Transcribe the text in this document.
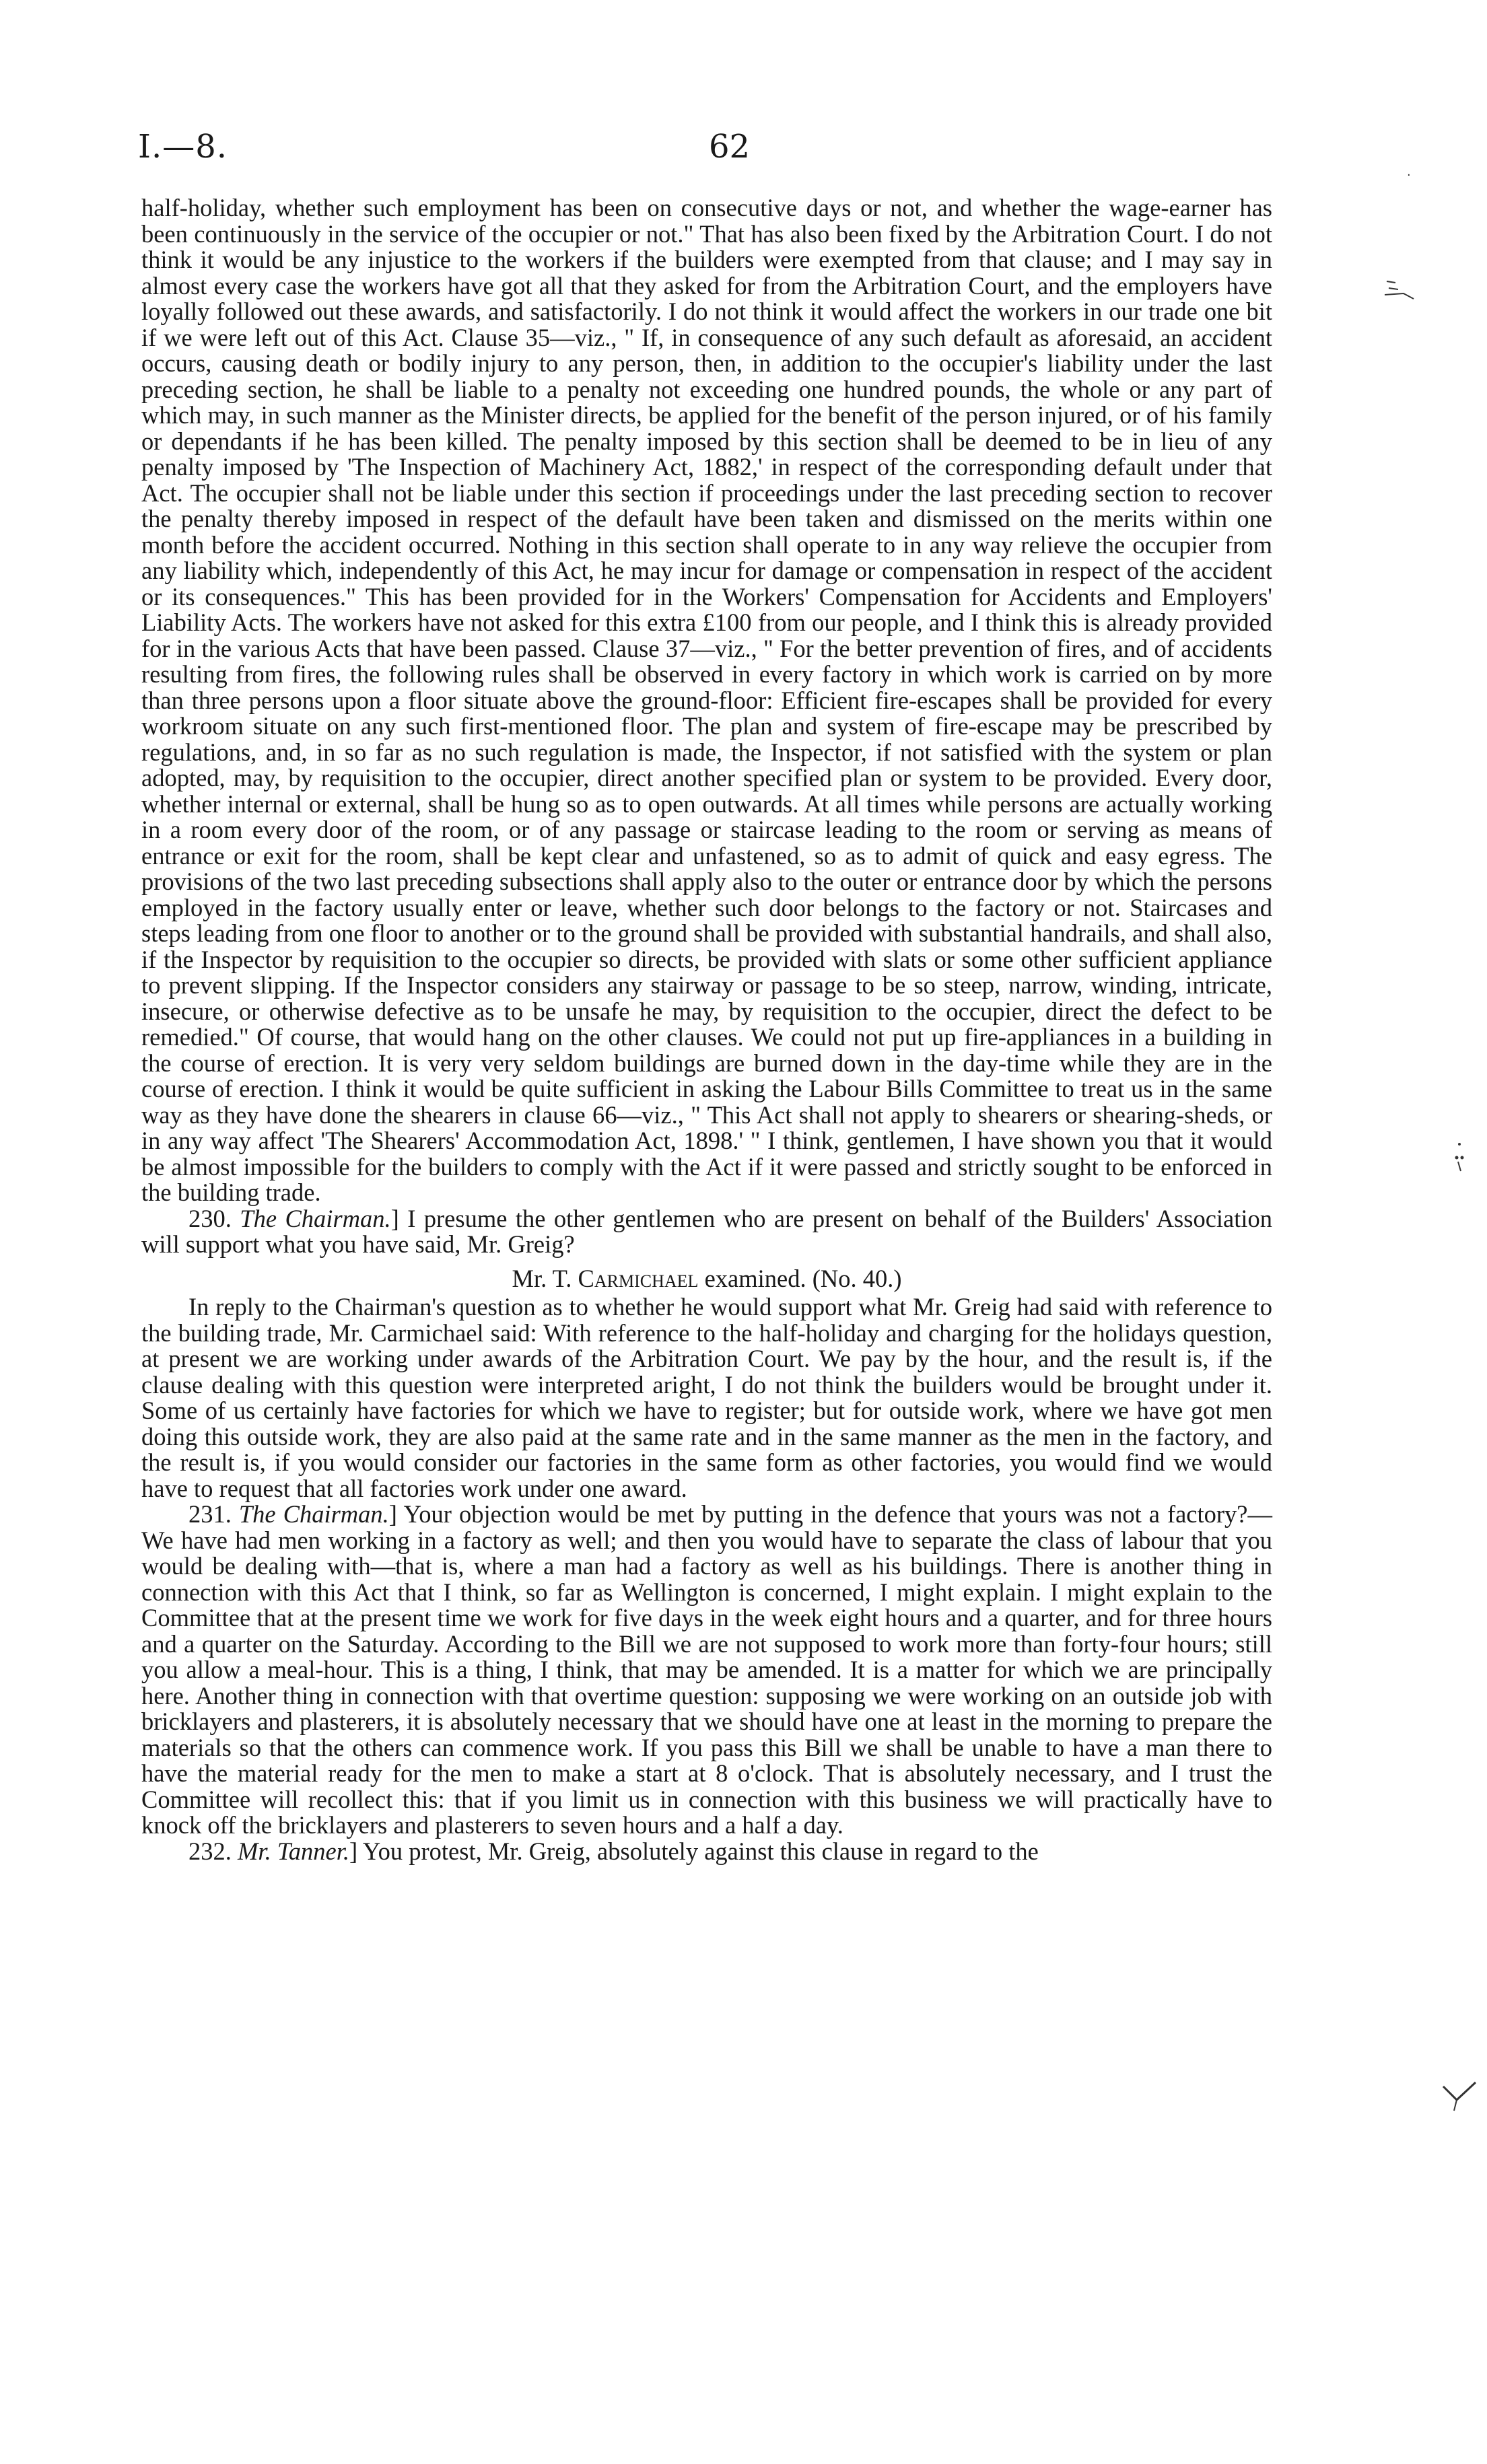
I.—8.	62

half-holiday, whether such employment has been on consecutive days or not, and whether the wage-earner has been continuously in the service of the occupier or not." That has also been fixed by the Arbitration Court. I do not think it would be any injustice to the workers if the builders were exempted from that clause; and I may say in almost every case the workers have got all that they asked for from the Arbitration Court, and the employers have loyally followed out these awards, and satisfactorily. I do not think it would affect the workers in our trade one bit if we were left out of this Act. Clause 35—viz., " If, in consequence of any such default as aforesaid, an accident occurs, causing death or bodily injury to any person, then, in addition to the occupier's liability under the last preceding section, he shall be liable to a penalty not exceeding one hundred pounds, the whole or any part of which may, in such manner as the Minister directs, be applied for the benefit of the person injured, or of his family or dependants if he has been killed. The penalty imposed by this section shall be deemed to be in lieu of any penalty imposed by 'The Inspection of Machinery Act, 1882,' in respect of the corresponding default under that Act. The occupier shall not be liable under this section if proceedings under the last preceding section to recover the penalty thereby imposed in respect of the default have been taken and dismissed on the merits within one month before the accident occurred. Nothing in this section shall operate to in any way relieve the occupier from any liability which, independently of this Act, he may incur for damage or compensation in respect of the accident or its consequences." This has been provided for in the Workers' Compensation for Accidents and Employers' Liability Acts. The workers have not asked for this extra £100 from our people, and I think this is already provided for in the various Acts that have been passed. Clause 37—viz., " For the better prevention of fires, and of accidents resulting from fires, the following rules shall be observed in every factory in which work is carried on by more than three persons upon a floor situate above the ground-floor: Efficient fire-escapes shall be provided for every workroom situate on any such first-mentioned floor. The plan and system of fire-escape may be prescribed by regulations, and, in so far as no such regulation is made, the Inspector, if not satisfied with the system or plan adopted, may, by requisition to the occupier, direct another specified plan or system to be provided. Every door, whether internal or external, shall be hung so as to open outwards. At all times while persons are actually working in a room every door of the room, or of any passage or staircase leading to the room or serving as means of entrance or exit for the room, shall be kept clear and unfastened, so as to admit of quick and easy egress. The provisions of the two last preceding subsections shall apply also to the outer or entrance door by which the persons employed in the factory usually enter or leave, whether such door belongs to the factory or not. Staircases and steps leading from one floor to another or to the ground shall be provided with substantial handrails, and shall also, if the Inspector by requisition to the occupier so directs, be provided with slats or some other sufficient appliance to prevent slipping. If the Inspector considers any stairway or passage to be so steep, narrow, winding, intricate, insecure, or otherwise defective as to be unsafe he may, by requisition to the occupier, direct the defect to be remedied." Of course, that would hang on the other clauses. We could not put up fire-appliances in a building in the course of erection. It is very very seldom buildings are burned down in the day-time while they are in the course of erection. I think it would be quite sufficient in asking the Labour Bills Committee to treat us in the same way as they have done the shearers in clause 66—viz., " This Act shall not apply to shearers or shearing-sheds, or in any way affect 'The Shearers' Accommodation Act, 1898.' " I think, gentlemen, I have shown you that it would be almost impossible for the builders to comply with the Act if it were passed and strictly sought to be enforced in the building trade.

230. The Chairman.] I presume the other gentlemen who are present on behalf of the Builders' Association will support what you have said, Mr. Greig?

Mr. T. Carmichael examined. (No. 40.)

In reply to the Chairman's question as to whether he would support what Mr. Greig had said with reference to the building trade, Mr. Carmichael said: With reference to the half-holiday and charging for the holidays question, at present we are working under awards of the Arbitration Court. We pay by the hour, and the result is, if the clause dealing with this question were interpreted aright, I do not think the builders would be brought under it. Some of us certainly have factories for which we have to register; but for outside work, where we have got men doing this outside work, they are also paid at the same rate and in the same manner as the men in the factory, and the result is, if you would consider our factories in the same form as other factories, you would find we would have to request that all factories work under one award.

231. The Chairman.] Your objection would be met by putting in the defence that yours was not a factory?—We have had men working in a factory as well; and then you would have to separate the class of labour that you would be dealing with—that is, where a man had a factory as well as his buildings. There is another thing in connection with this Act that I think, so far as Wellington is concerned, I might explain. I might explain to the Committee that at the present time we work for five days in the week eight hours and a quarter, and for three hours and a quarter on the Saturday. According to the Bill we are not supposed to work more than forty-four hours; still you allow a meal-hour. This is a thing, I think, that may be amended. It is a matter for which we are principally here. Another thing in connection with that overtime question: supposing we were working on an outside job with bricklayers and plasterers, it is absolutely necessary that we should have one at least in the morning to prepare the materials so that the others can commence work. If you pass this Bill we shall be unable to have a man there to have the material ready for the men to make a start at 8 o'clock. That is absolutely necessary, and I trust the Committee will recollect this: that if you limit us in connection with this business we will practically have to knock off the bricklayers and plasterers to seven hours and a half a day.

232. Mr. Tanner.] You protest, Mr. Greig, absolutely against this clause in regard to the

·
